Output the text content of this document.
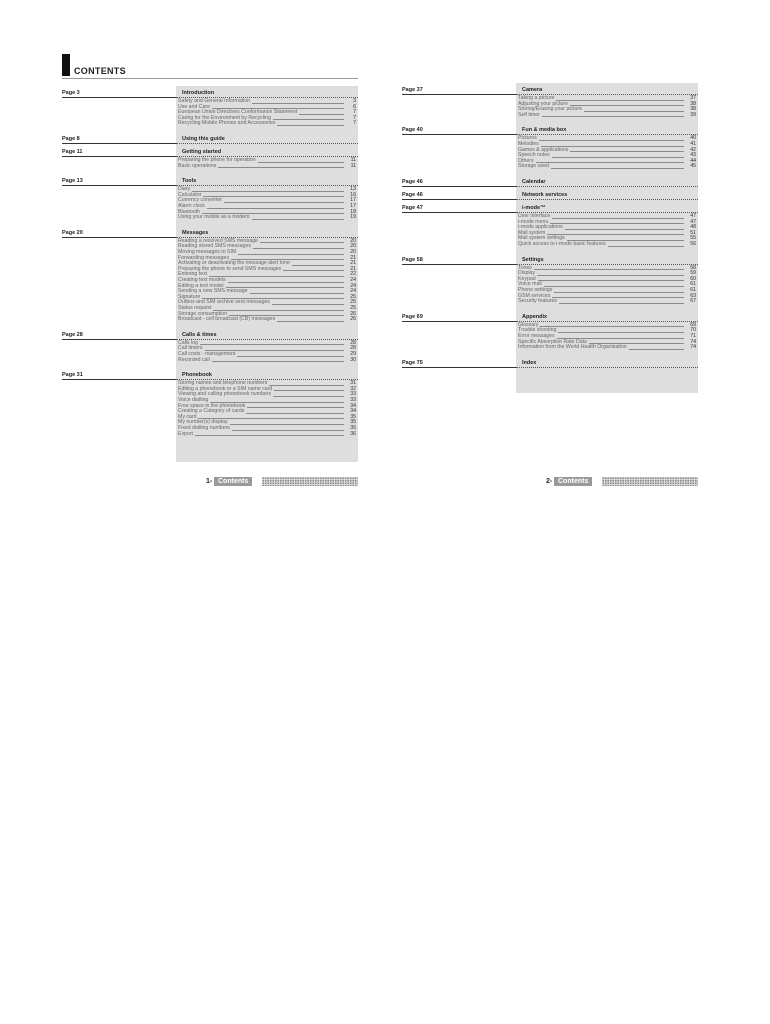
CONTENTS
Page 3	Introduction
Safety and General Information	3
Use and Care	6
European Union Directives Conformance Statement	7
Caring for the Environment by Recycling	7
Recycling Mobile Phones and Accessories	7
Page 8	Using this guide
Page 11	Getting started
Preparing the phone for operation	11
Basic operations	11
Page 13	Tools
Diary	13
Calculator	16
Currency converter	17
Alarm clock	17
Bluetooth	18
Using your mobile as a modem	19
Page 20	Messages
Reading a received SMS message	20
Reading stored SMS messages	20
Moving messages to SIM	20
Forwarding messages	21
Activating or deactivating the message alert tone	21
Preparing the phone to send SMS messages	21
Entering text	22
Creating text models	24
Editing a text model	24
Sending a new SMS message	24
Signature	25
Outbox and SIM archive sent messages	25
Status request	25
Storage consumption	26
Broadcast - cell broadcast (CB) messages	26
Page 28	Calls & times
Calls log	28
Call timers	28
Call costs - management	29
Recorded call	30
Page 31	Phonebook
Storing names and telephone numbers	31
Editing a phonebook or a SIM name card	32
Viewing and calling phonebook numbers	33
Voice dialling	33
Free space in the phonebook	34
Creating a Category of cards	34
My card	35
My number(s) display	35
Fixed dialling numbers	35
Export	36
Page 37	Camera
Taking a picture	37
Adjusting your picture	38
Storing/Erasing your picture	38
Self timer	39
Page 40	Fun & media box
Pictures	40
Melodies	41
Games & applications	42
Speech notes	43
Others	44
Storage used	45
Page 46	Calendar
Page 46	Network services
Page 47	i-mode™
User interface	47
i-mode menu	47
i-mode applications	48
Mail system	51
Mail system settings	55
Quick access to i-mode basic features	56
Page 58	Settings
Tones	58
Display	59
Keypad	60
Voice mail	61
Phone settings	61
GSM services	63
Security features	67
Page 69	Appendix
Glossary	69
Trouble shooting	70
Error messages	71
Specific Absorption Rate Data	74
Information from the World Health Organisation	74
Page 75	Index
1- Contents	2- Contents
